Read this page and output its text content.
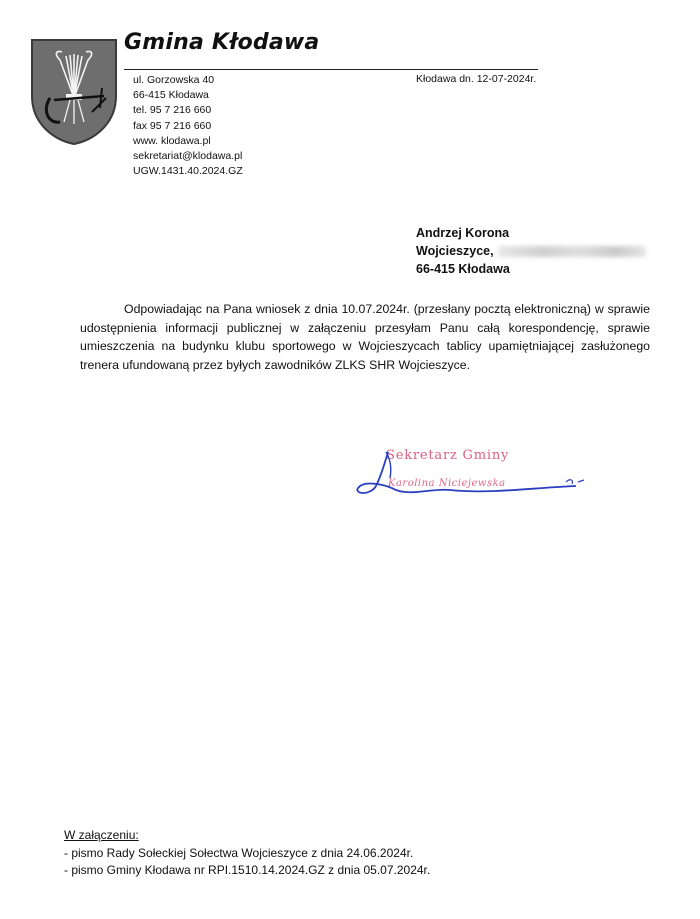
Gmina Kłodawa
ul. Gorzowska 40
66-415 Kłodawa
tel. 95 7 216 660
fax 95 7 216 660
www. klodawa.pl
sekretariat@klodawa.pl
Kłodawa dn. 12-07-2024r.
UGW.1431.40.2024.GZ
Andrzej Korona
Wojcieszyce,
66-415 Kłodawa
Odpowiadając na Pana wniosek z dnia 10.07.2024r. (przesłany pocztą elektroniczną) w sprawie udostępnienia informacji publicznej w załączeniu przesyłam Panu całą korespondencję, sprawie umieszczenia na budynku klubu sportowego w Wojcieszycach tablicy upamiętniającej zasłużonego trenera ufundowaną przez byłych zawodników ZLKS SHR Wojcieszyce.
Sekretarz Gminy
Karolina Niciejewska
W załączeniu:
- pismo Rady Sołeckiej Sołectwa Wojcieszyce z dnia 24.06.2024r.
- pismo Gminy Kłodawa nr RPI.1510.14.2024.GZ z dnia 05.07.2024r.
